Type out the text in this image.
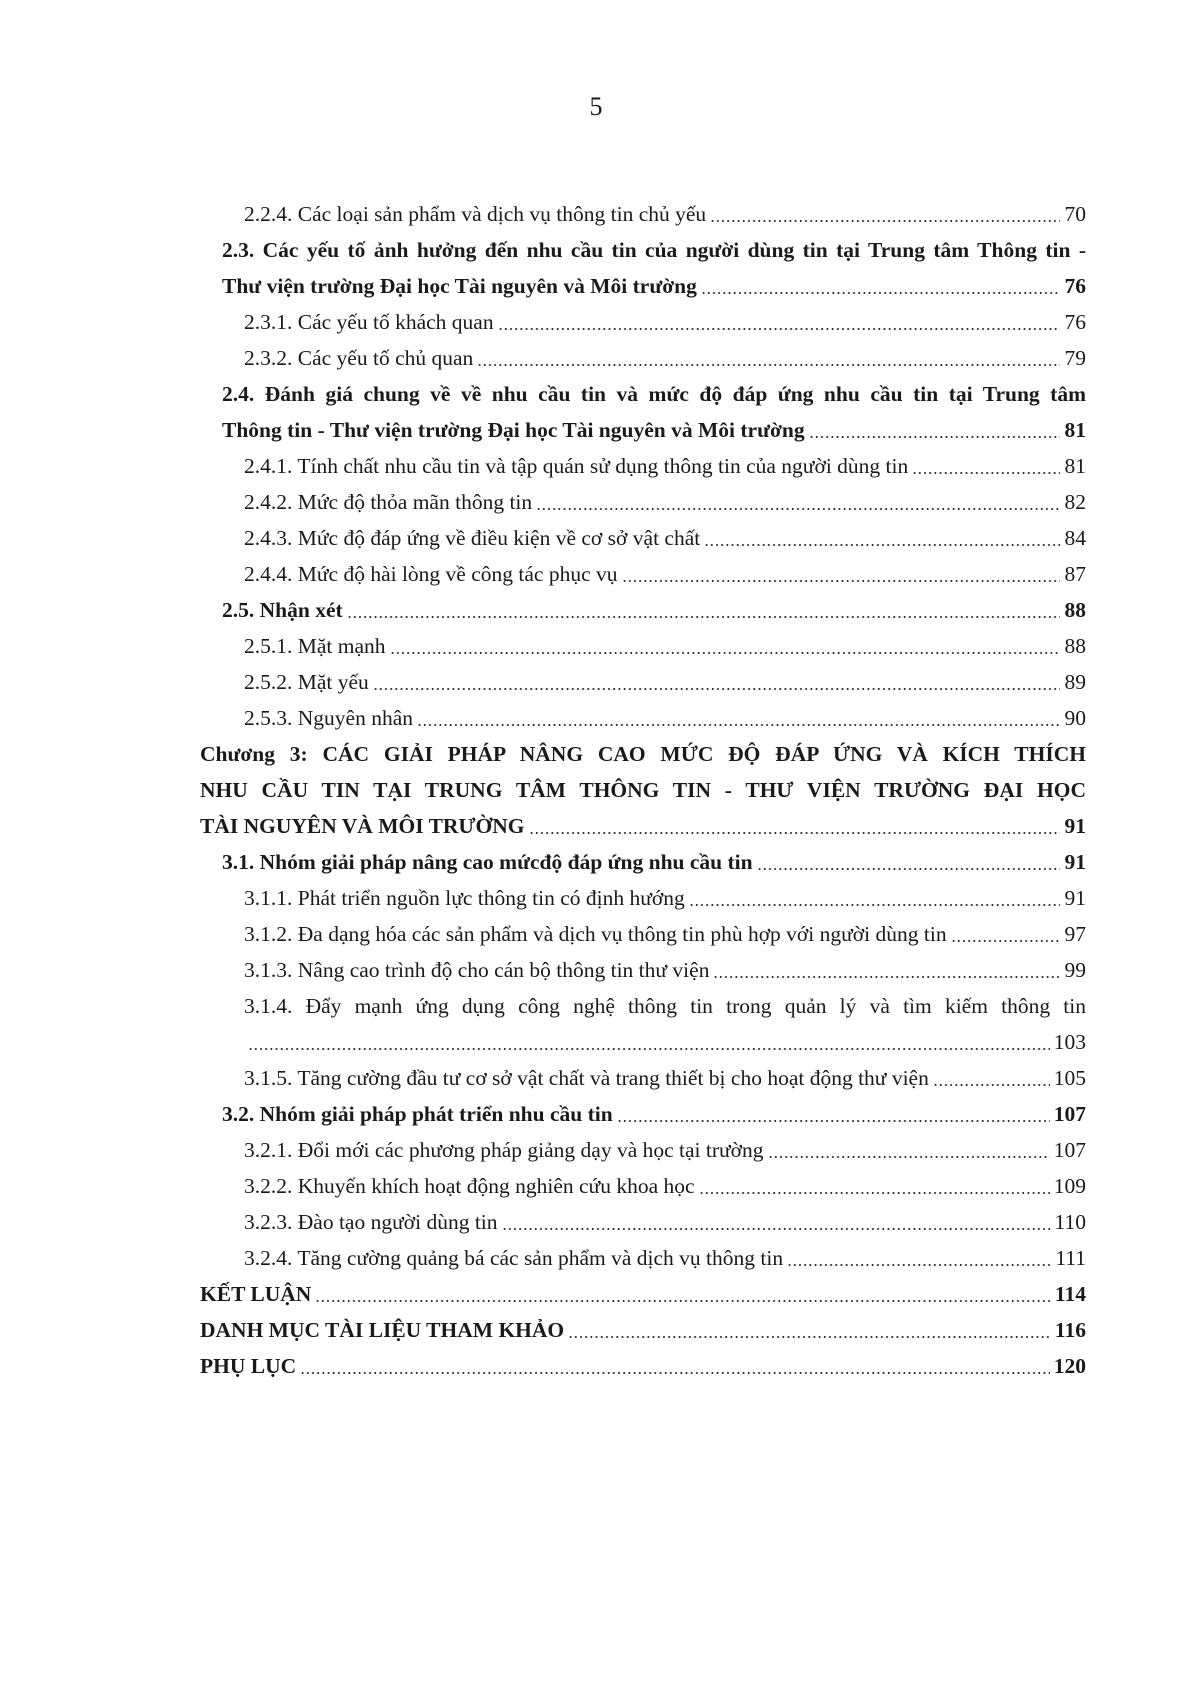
5
2.2.4. Các loại sản phẩm và dịch vụ thông tin chủ yếu	70
2.3. Các yếu tố ảnh hưởng đến nhu cầu tin của người dùng tin tại Trung tâm Thông tin -
Thư viện trường Đại học Tài nguyên và Môi trường	76
2.3.1. Các yếu tố khách quan	76
2.3.2. Các yếu tố chủ quan	79
2.4. Đánh giá chung về về nhu cầu tin và mức độ đáp ứng nhu cầu tin tại Trung tâm
Thông tin - Thư viện trường Đại học Tài nguyên và Môi trường	81
2.4.1. Tính chất nhu cầu tin và tập quán sử dụng thông tin của người dùng tin	81
2.4.2. Mức độ thỏa mãn thông tin	82
2.4.3. Mức độ đáp ứng về điều kiện về cơ sở vật chất	84
2.4.4. Mức độ hài lòng về công tác phục vụ	87
2.5. Nhận xét	88
2.5.1. Mặt mạnh	88
2.5.2. Mặt yếu	89
2.5.3. Nguyên nhân	90
Chương 3: CÁC GIẢI PHÁP NÂNG CAO MỨC ĐỘ ĐÁP ỨNG VÀ KÍCH THÍCH
NHU CẦU TIN TẠI TRUNG TÂM THÔNG TIN - THƯ VIỆN TRƯỜNG ĐẠI HỌC
TÀI NGUYÊN VÀ MÔI TRƯỜNG	91
3.1. Nhóm giải pháp nâng cao mứcđộ đáp ứng nhu cầu tin	91
3.1.1. Phát triển nguồn lực thông tin có định hướng	91
3.1.2. Đa dạng hóa các sản phẩm và dịch vụ thông tin phù hợp với người dùng tin	97
3.1.3. Nâng cao trình độ cho cán bộ thông tin thư viện	99
3.1.4. Đẩy mạnh ứng dụng công nghệ thông tin trong quản lý và tìm kiếm thông tin
103
3.1.5. Tăng cường đầu tư cơ sở vật chất và trang thiết bị cho hoạt động thư viện	105
3.2. Nhóm giải pháp phát triển nhu cầu tin	107
3.2.1. Đổi mới các phương pháp giảng dạy và học tại trường	107
3.2.2. Khuyến khích hoạt động nghiên cứu khoa học	109
3.2.3. Đào tạo người dùng tin	110
3.2.4. Tăng cường quảng bá các sản phẩm và dịch vụ thông tin	111
KẾT LUẬN	114
DANH MỤC TÀI LIỆU THAM KHẢO	116
PHỤ LỤC	120
